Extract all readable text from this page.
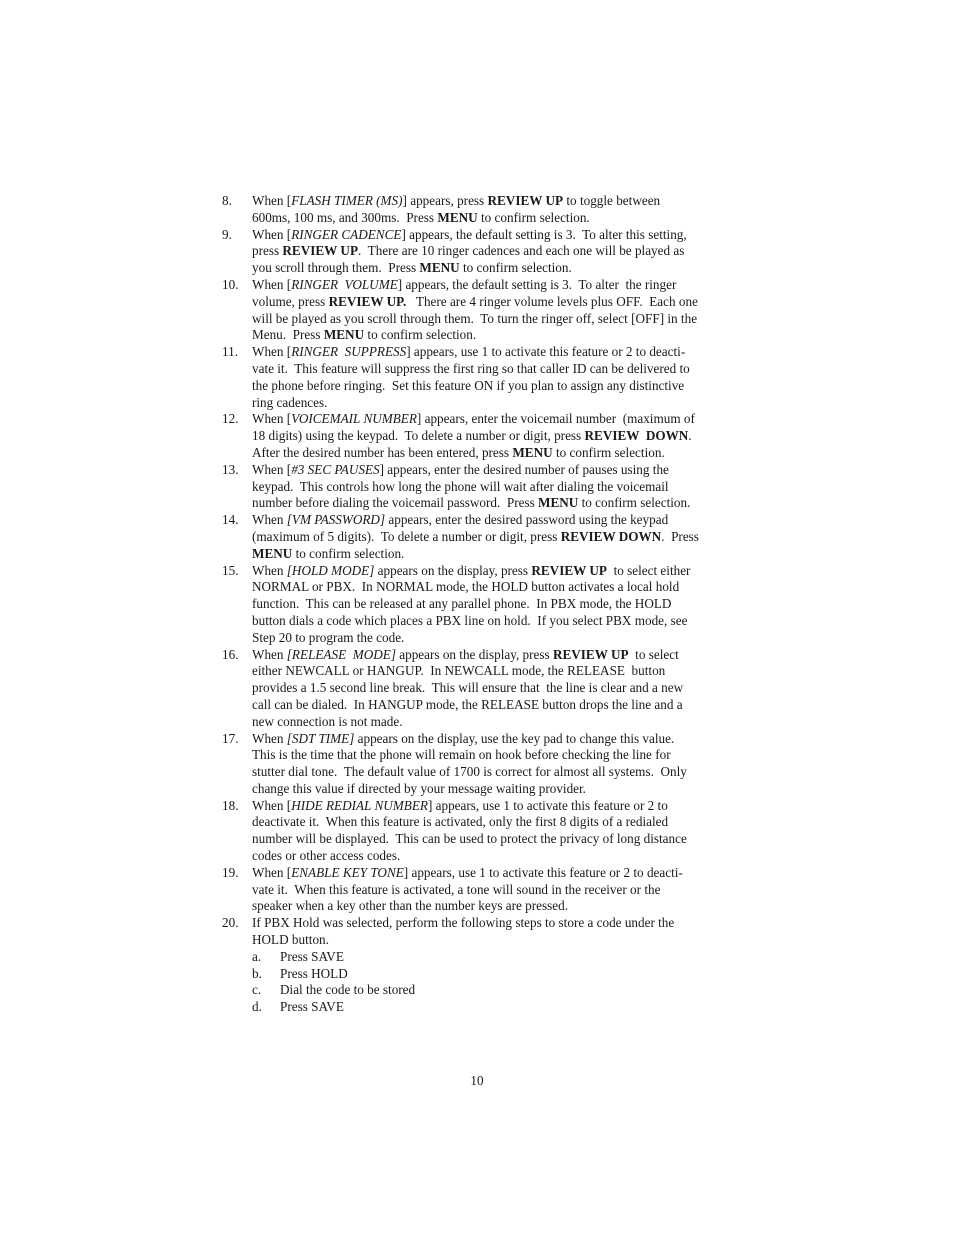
8.	When [FLASH TIMER (MS)] appears, press REVIEW UP to toggle between
600ms, 100 ms, and 300ms.  Press MENU to confirm selection.
9.	When [RINGER CADENCE] appears, the default setting is 3.  To alter this setting,
press REVIEW UP.  There are 10 ringer cadences and each one will be played as
you scroll through them.  Press MENU to confirm selection.
10.	When [RINGER  VOLUME] appears, the default setting is 3.  To alter  the ringer
volume, press REVIEW UP.   There are 4 ringer volume levels plus OFF.  Each one
will be played as you scroll through them.  To turn the ringer off, select [OFF] in the
Menu.  Press MENU to confirm selection.
11.	When [RINGER  SUPPRESS] appears, use 1 to activate this feature or 2 to deacti-
vate it.  This feature will suppress the first ring so that caller ID can be delivered to
the phone before ringing.  Set this feature ON if you plan to assign any distinctive
ring cadences.
12.	When [VOICEMAIL NUMBER] appears, enter the voicemail number  (maximum of
18 digits) using the keypad.  To delete a number or digit, press REVIEW  DOWN.
After the desired number has been entered, press MENU to confirm selection.
13.	When [#3 SEC PAUSES] appears, enter the desired number of pauses using the
keypad.  This controls how long the phone will wait after dialing the voicemail
number before dialing the voicemail password.  Press MENU to confirm selection.
14.	When [VM PASSWORD] appears, enter the desired password using the keypad
(maximum of 5 digits).  To delete a number or digit, press REVIEW DOWN.  Press
MENU to confirm selection.
15.	When [HOLD MODE] appears on the display, press REVIEW UP  to select either
NORMAL or PBX.  In NORMAL mode, the HOLD button activates a local hold
function.  This can be released at any parallel phone.  In PBX mode, the HOLD
button dials a code which places a PBX line on hold.  If you select PBX mode, see
Step 20 to program the code.
16.	When [RELEASE  MODE] appears on the display, press REVIEW UP  to select
either NEWCALL or HANGUP.  In NEWCALL mode, the RELEASE  button
provides a 1.5 second line break.  This will ensure that  the line is clear and a new
call can be dialed.  In HANGUP mode, the RELEASE button drops the line and a
new connection is not made.
17.	When [SDT TIME] appears on the display, use the key pad to change this value.
This is the time that the phone will remain on hook before checking the line for
stutter dial tone.  The default value of 1700 is correct for almost all systems.  Only
change this value if directed by your message waiting provider.
18.	When [HIDE REDIAL NUMBER] appears, use 1 to activate this feature or 2 to
deactivate it.  When this feature is activated, only the first 8 digits of a redialed
number will be displayed.  This can be used to protect the privacy of long distance
codes or other access codes.
19.	When [ENABLE KEY TONE] appears, use 1 to activate this feature or 2 to deacti-
vate it.  When this feature is activated, a tone will sound in the receiver or the
speaker when a key other than the number keys are pressed.
20.	If PBX Hold was selected, perform the following steps to store a code under the
HOLD button.
a. Press SAVE
b. Press HOLD
c. Dial the code to be stored
d. Press SAVE
10
